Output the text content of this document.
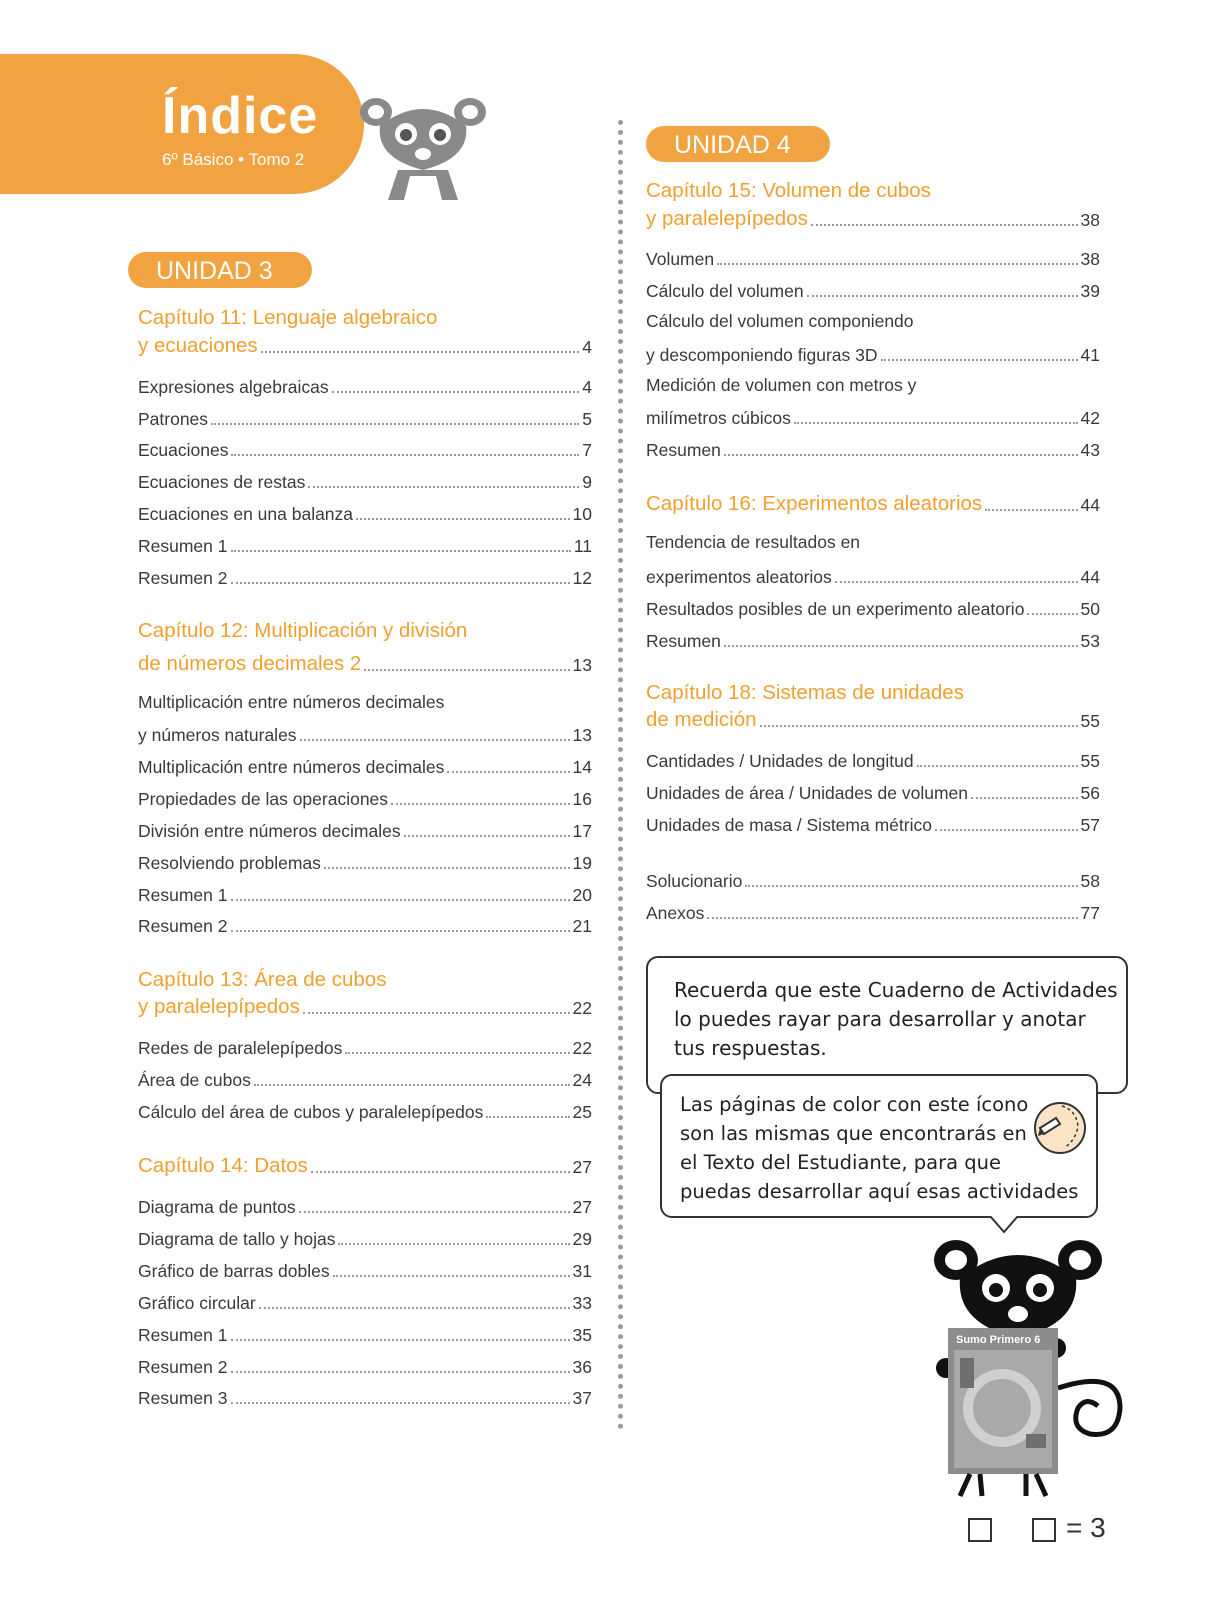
Índice
6º Básico • Tomo 2
UNIDAD 3
Capítulo 11: Lenguaje algebraico
y ecuaciones	4
Expresiones algebraicas	4
Patrones	5
Ecuaciones	7
Ecuaciones de restas	9
Ecuaciones en una balanza	10
Resumen 1	11
Resumen 2	12
Capítulo 12: Multiplicación y división
de números decimales 2	13
Multiplicación entre números decimales
y números naturales	13
Multiplicación entre números decimales	14
Propiedades de las operaciones	16
División entre números decimales	17
Resolviendo problemas	19
Resumen 1	20
Resumen 2	21
Capítulo 13: Área de cubos
y paralelepípedos	22
Redes de paralelepípedos	22
Área de cubos	24
Cálculo del área de cubos y paralelepípedos	25
Capítulo 14: Datos	27
Diagrama de puntos	27
Diagrama de tallo y hojas	29
Gráfico de barras dobles	31
Gráfico circular	33
Resumen 1	35
Resumen 2	36
Resumen 3	37
UNIDAD 4
Capítulo 15: Volumen de cubos
y paralelepípedos	38
Volumen	38
Cálculo del volumen	39
Cálculo del volumen componiendo
y descomponiendo figuras 3D	41
Medición de volumen con metros y
milímetros cúbicos	42
Resumen	43
Capítulo 16: Experimentos aleatorios	44
Tendencia de resultados en
experimentos aleatorios	44
Resultados posibles de un experimento aleatorio	50
Resumen	53
Capítulo 18: Sistemas de unidades
de medición	55
Cantidades / Unidades de longitud	55
Unidades de área / Unidades de volumen	56
Unidades de masa / Sistema métrico	57
Solucionario	58
Anexos	77
Recuerda que este Cuaderno de Actividades
lo puedes rayar para desarrollar y anotar
tus respuestas.
Las páginas de color con este ícono
son las mismas que encontrarás en
el Texto del Estudiante, para que
puedas desarrollar aquí esas actividades
Sumo Primero 6
= 3
